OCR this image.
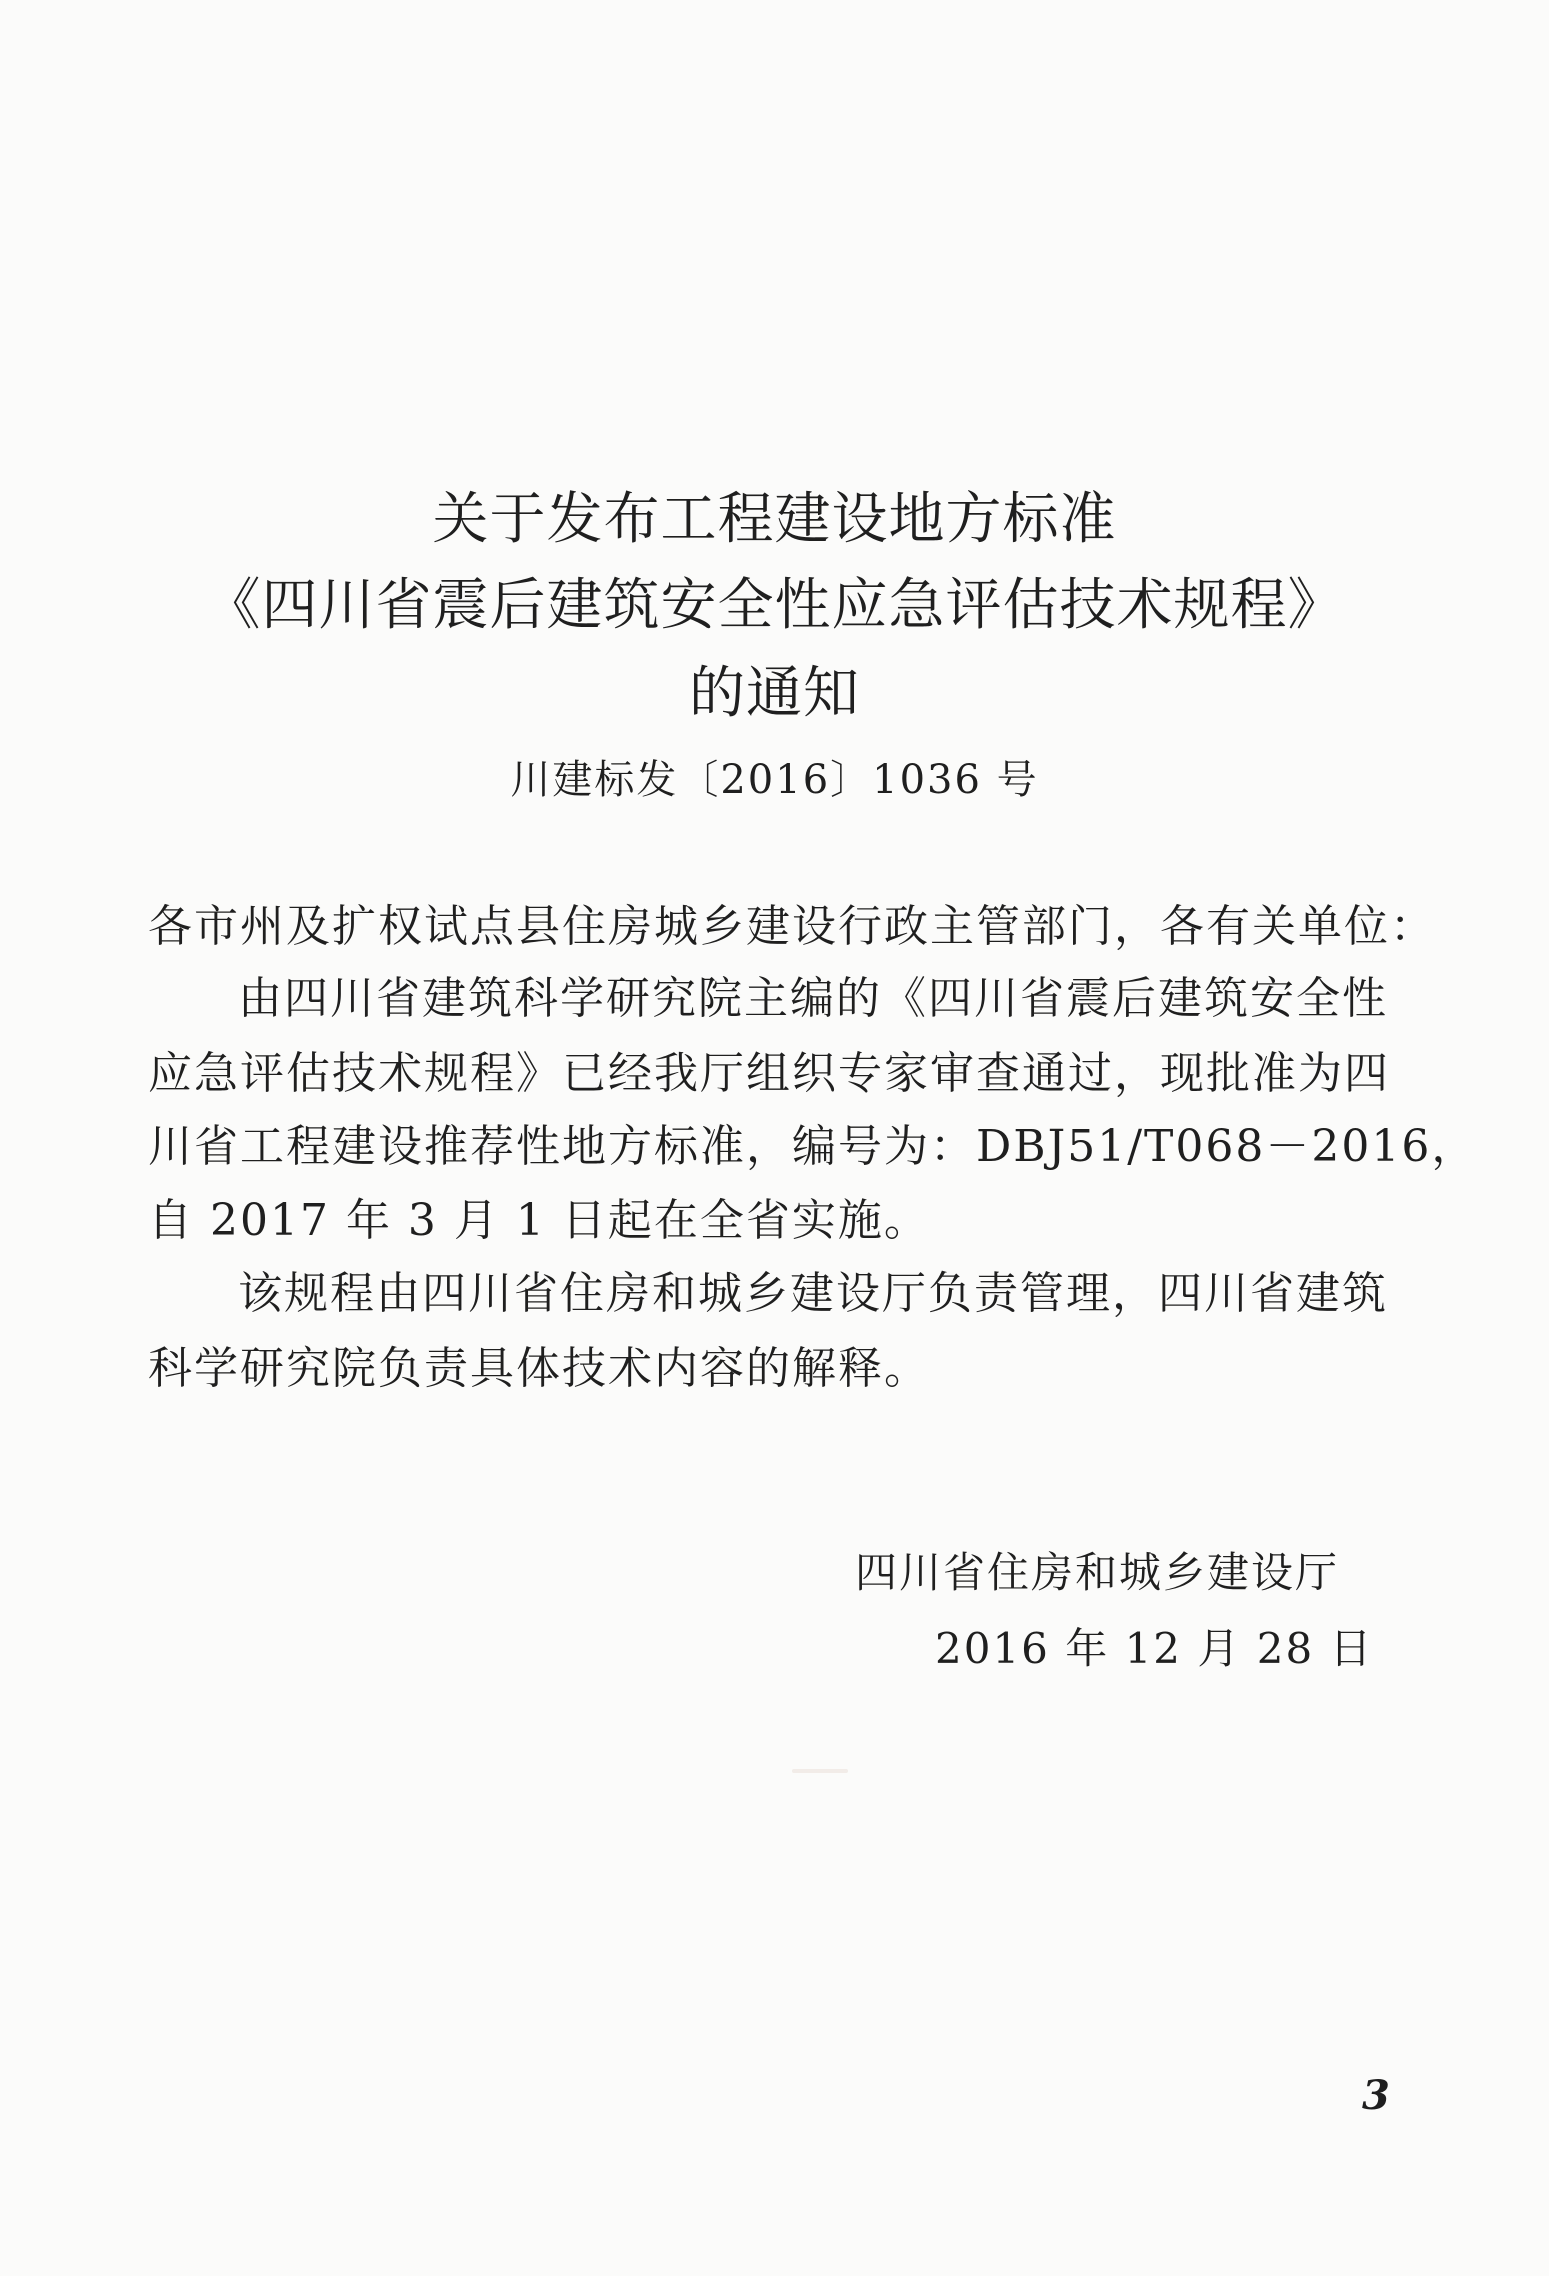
关于发布工程建设地方标准
《四川省震后建筑安全性应急评估技术规程》
的通知
川建标发〔2016〕1036 号
各市州及扩权试点县住房城乡建设行政主管部门，各有关单位：
由四川省建筑科学研究院主编的《四川省震后建筑安全性
应急评估技术规程》已经我厅组织专家审查通过，现批准为四
川省工程建设推荐性地方标准，编号为：DBJ51/T068－2016，
自 2017 年 3 月 1 日起在全省实施。
该规程由四川省住房和城乡建设厅负责管理，四川省建筑
科学研究院负责具体技术内容的解释。
四川省住房和城乡建设厅
2016 年 12 月 28 日
3
